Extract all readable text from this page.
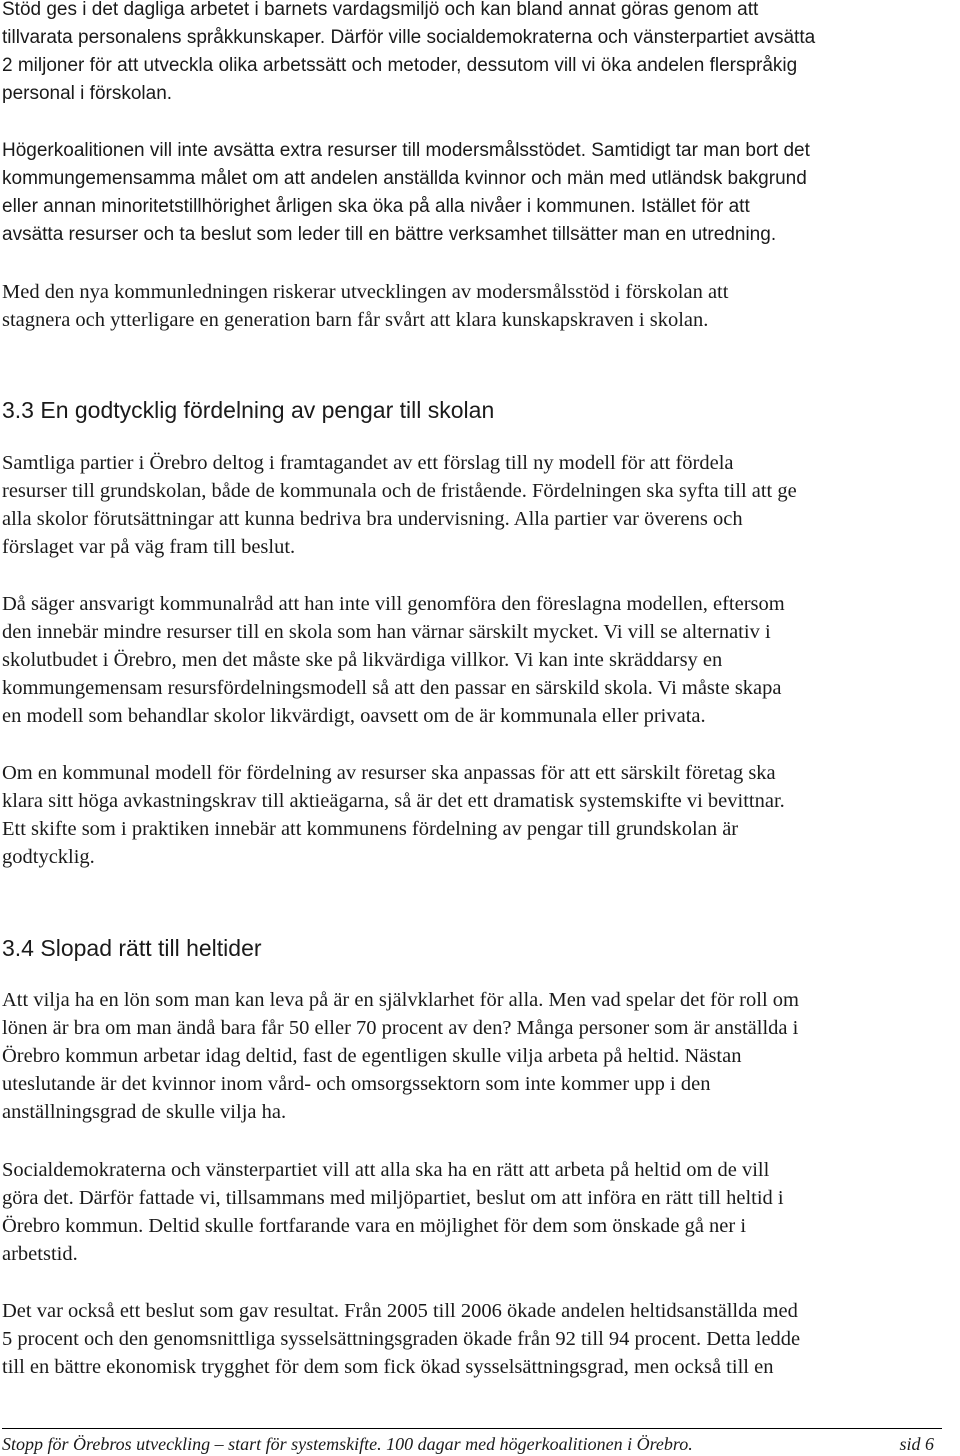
Stöd ges i det dagliga arbetet i barnets vardagsmiljö och kan bland annat göras genom att
tillvarata personalens språkkunskaper. Därför ville socialdemokraterna och vänsterpartiet avsätta
2 miljoner för att utveckla olika arbetssätt och metoder, dessutom vill vi öka andelen flerspråkig
personal i förskolan.
Högerkoalitionen vill inte avsätta extra resurser till modersmålsstödet. Samtidigt tar man bort det
kommungemensamma målet om att andelen anställda kvinnor och män med utländsk bakgrund
eller annan minoritetstillhörighet årligen ska öka på alla nivåer i kommunen. Istället för att
avsätta resurser och ta beslut som leder till en bättre verksamhet tillsätter man en utredning.
Med den nya kommunledningen riskerar utvecklingen av modersmålsstöd i förskolan att
stagnera och ytterligare en generation barn får svårt att klara kunskapskraven i skolan.
3.3 En godtycklig fördelning av pengar till skolan
Samtliga partier i Örebro deltog i framtagandet av ett förslag till ny modell för att fördela
resurser till grundskolan, både de kommunala och de fristående. Fördelningen ska syfta till att ge
alla skolor förutsättningar att kunna bedriva bra undervisning. Alla partier var överens och
förslaget var på väg fram till beslut.
Då säger ansvarigt kommunalråd att han inte vill genomföra den föreslagna modellen, eftersom
den innebär mindre resurser till en skola som han värnar särskilt mycket. Vi vill se alternativ i
skolutbudet i Örebro, men det måste ske på likvärdiga villkor. Vi kan inte skräddarsy en
kommungemensam resursfördelningsmodell så att den passar en särskild skola. Vi måste skapa
en modell som behandlar skolor likvärdigt, oavsett om de är kommunala eller privata.
Om en kommunal modell för fördelning av resurser ska anpassas för att ett särskilt företag ska
klara sitt höga avkastningskrav till aktieägarna, så är det ett dramatisk systemskifte vi bevittnar.
Ett skifte som i praktiken innebär att kommunens fördelning av pengar till grundskolan är
godtycklig.
3.4 Slopad rätt till heltider
Att vilja ha en lön som man kan leva på är en självklarhet för alla. Men vad spelar det för roll om
lönen är bra om man ändå bara får 50 eller 70 procent av den? Många personer som är anställda i
Örebro kommun arbetar idag deltid, fast de egentligen skulle vilja arbeta på heltid. Nästan
uteslutande är det kvinnor inom vård- och omsorgssektorn som inte kommer upp i den
anställningsgrad de skulle vilja ha.
Socialdemokraterna och vänsterpartiet vill att alla ska ha en rätt att arbeta på heltid om de vill
göra det. Därför fattade vi, tillsammans med miljöpartiet, beslut om att införa en rätt till heltid i
Örebro kommun. Deltid skulle fortfarande vara en möjlighet för dem som önskade gå ner i
arbetstid.
Det var också ett beslut som gav resultat. Från 2005 till 2006 ökade andelen heltidsanställda med
5 procent och den genomsnittliga sysselsättningsgraden ökade från 92 till 94 procent. Detta ledde
till en bättre ekonomisk trygghet för dem som fick ökad sysselsättningsgrad, men också till en
Stopp för Örebros utveckling – start för systemskifte. 100 dagar med högerkoalitionen i Örebro.	sid 6
